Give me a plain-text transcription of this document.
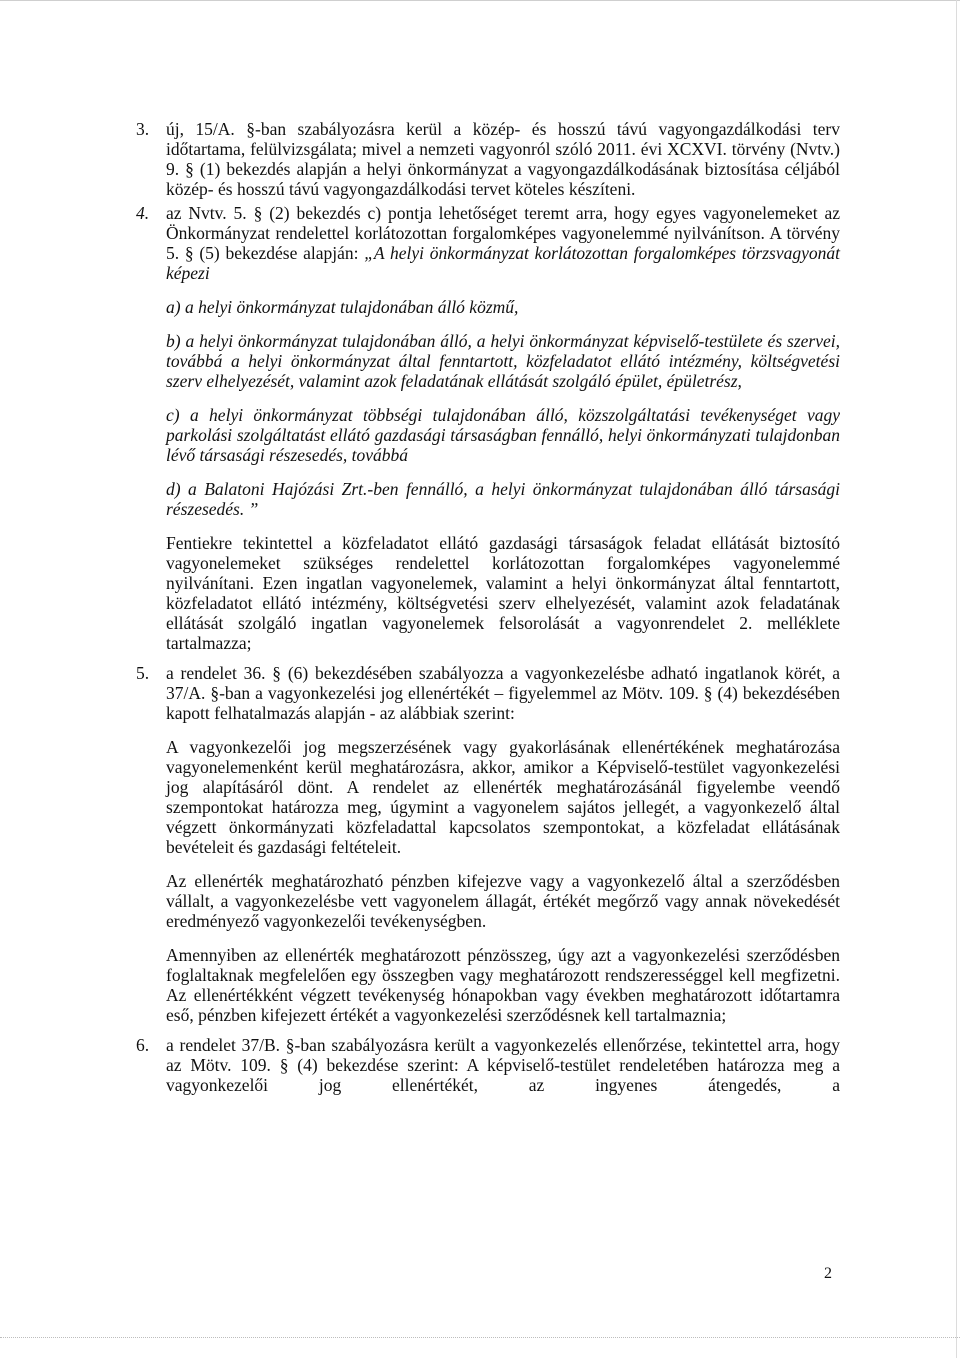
3. új, 15/A. §-ban szabályozásra kerül a közép- és hosszú távú vagyongazdálkodási terv időtartama, felülvizsgálata; mivel a nemzeti vagyonról szóló 2011. évi XCXVI. törvény (Nvtv.) 9. § (1) bekezdés alapján a helyi önkormányzat a vagyongazdálkodásának biztosítása céljából közép- és hosszú távú vagyongazdálkodási tervet köteles készíteni.

4. az Nvtv. 5. § (2) bekezdés c) pontja lehetőséget teremt arra, hogy egyes vagyonelemeket az Önkormányzat rendelettel korlátozottan forgalomképes vagyonelemmé nyilvánítson. A törvény 5. § (5) bekezdése alapján: „A helyi önkormányzat korlátozottan forgalomképes törzsvagyonát képezi

a) a helyi önkormányzat tulajdonában álló közmű,

b) a helyi önkormányzat tulajdonában álló, a helyi önkormányzat képviselő-testülete és szervei, továbbá a helyi önkormányzat által fenntartott, közfeladatot ellátó intézmény, költségvetési szerv elhelyezését, valamint azok feladatának ellátását szolgáló épület, épületrész,

c) a helyi önkormányzat többségi tulajdonában álló, közszolgáltatási tevékenységet vagy parkolási szolgáltatást ellátó gazdasági társaságban fennálló, helyi önkormányzati tulajdonban lévő társasági részesedés, továbbá

d) a Balatoni Hajózási Zrt.-ben fennálló, a helyi önkormányzat tulajdonában álló társasági részesedés. ”

Fentiekre tekintettel a közfeladatot ellátó gazdasági társaságok feladat ellátását biztosító vagyonelemeket szükséges rendelettel korlátozottan forgalomképes vagyonelemmé nyilvánítani. Ezen ingatlan vagyonelemek, valamint a helyi önkormányzat által fenntartott, közfeladatot ellátó intézmény, költségvetési szerv elhelyezését, valamint azok feladatának ellátását szolgáló ingatlan vagyonelemek felsorolását a vagyonrendelet 2. melléklete tartalmazza;

5. a rendelet 36. § (6) bekezdésében szabályozza a vagyonkezelésbe adható ingatlanok körét, a 37/A. §-ban a vagyonkezelési jog ellenértékét – figyelemmel az Mötv. 109. § (4) bekezdésében kapott felhatalmazás alapján - az alábbiak szerint:

A vagyonkezelői jog megszerzésének vagy gyakorlásának ellenértékének meghatározása vagyonelemenként kerül meghatározásra, akkor, amikor a Képviselő-testület vagyonkezelési jog alapításáról dönt. A rendelet az ellenérték meghatározásánál figyelembe veendő szempontokat határozza meg, úgymint a vagyonelem sajátos jellegét, a vagyonkezelő által végzett önkormányzati közfeladattal kapcsolatos szempontokat, a közfeladat ellátásának bevételeit és gazdasági feltételeit.

Az ellenérték meghatározható pénzben kifejezve vagy a vagyonkezelő által a szerződésben vállalt, a vagyonkezelésbe vett vagyonelem állagát, értékét megőrző vagy annak növekedését eredményező vagyonkezelői tevékenységben.

Amennyiben az ellenérték meghatározott pénzösszeg, úgy azt a vagyonkezelési szerződésben foglaltaknak megfelelően egy összegben vagy meghatározott rendszerességgel kell megfizetni. Az ellenértékként végzett tevékenység hónapokban vagy években meghatározott időtartamra eső, pénzben kifejezett értékét a vagyonkezelési szerződésnek kell tartalmaznia;

6. a rendelet 37/B. §-ban szabályozásra került a vagyonkezelés ellenőrzése, tekintettel arra, hogy az Mötv. 109. § (4) bekezdése szerint: A képviselő-testület rendeletében határozza meg a vagyonkezelői jog ellenértékét, az ingyenes átengedés, a

2
